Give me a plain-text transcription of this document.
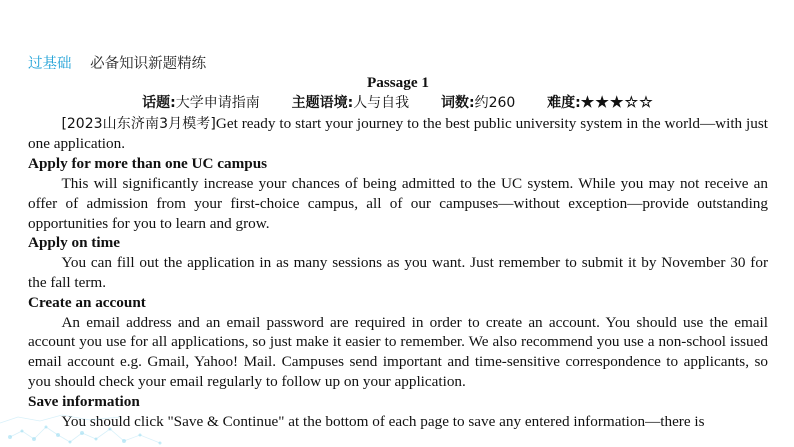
过基础 必备知识新题精练
Passage 1
话题:大学申请指南 主题语境:人与自我 词数:约260 难度:★★★☆☆

[2023山东济南3月模考]Get ready to start your journey to the best public university system in the world—with just one application.

Apply for more than one UC campus

This will significantly increase your chances of being admitted to the UC system. While you may not receive an offer of admission from your first-choice campus, all of our campuses—without exception—provide outstanding opportunities for you to learn and grow.

Apply on time

You can fill out the application in as many sessions as you want. Just remember to submit it by November 30 for the fall term.

Create an account

An email address and an email password are required in order to create an account. You should use the email account you use for all applications, so just make it easier to remember. We also recommend you use a non-school issued email account e.g. Gmail, Yahoo! Mail. Campuses send important and time-sensitive correspondence to applicants, so you should check your email regularly to follow up on your application.

Save information

You should click "Save & Continue" at the bottom of each page to save any entered information—there is
